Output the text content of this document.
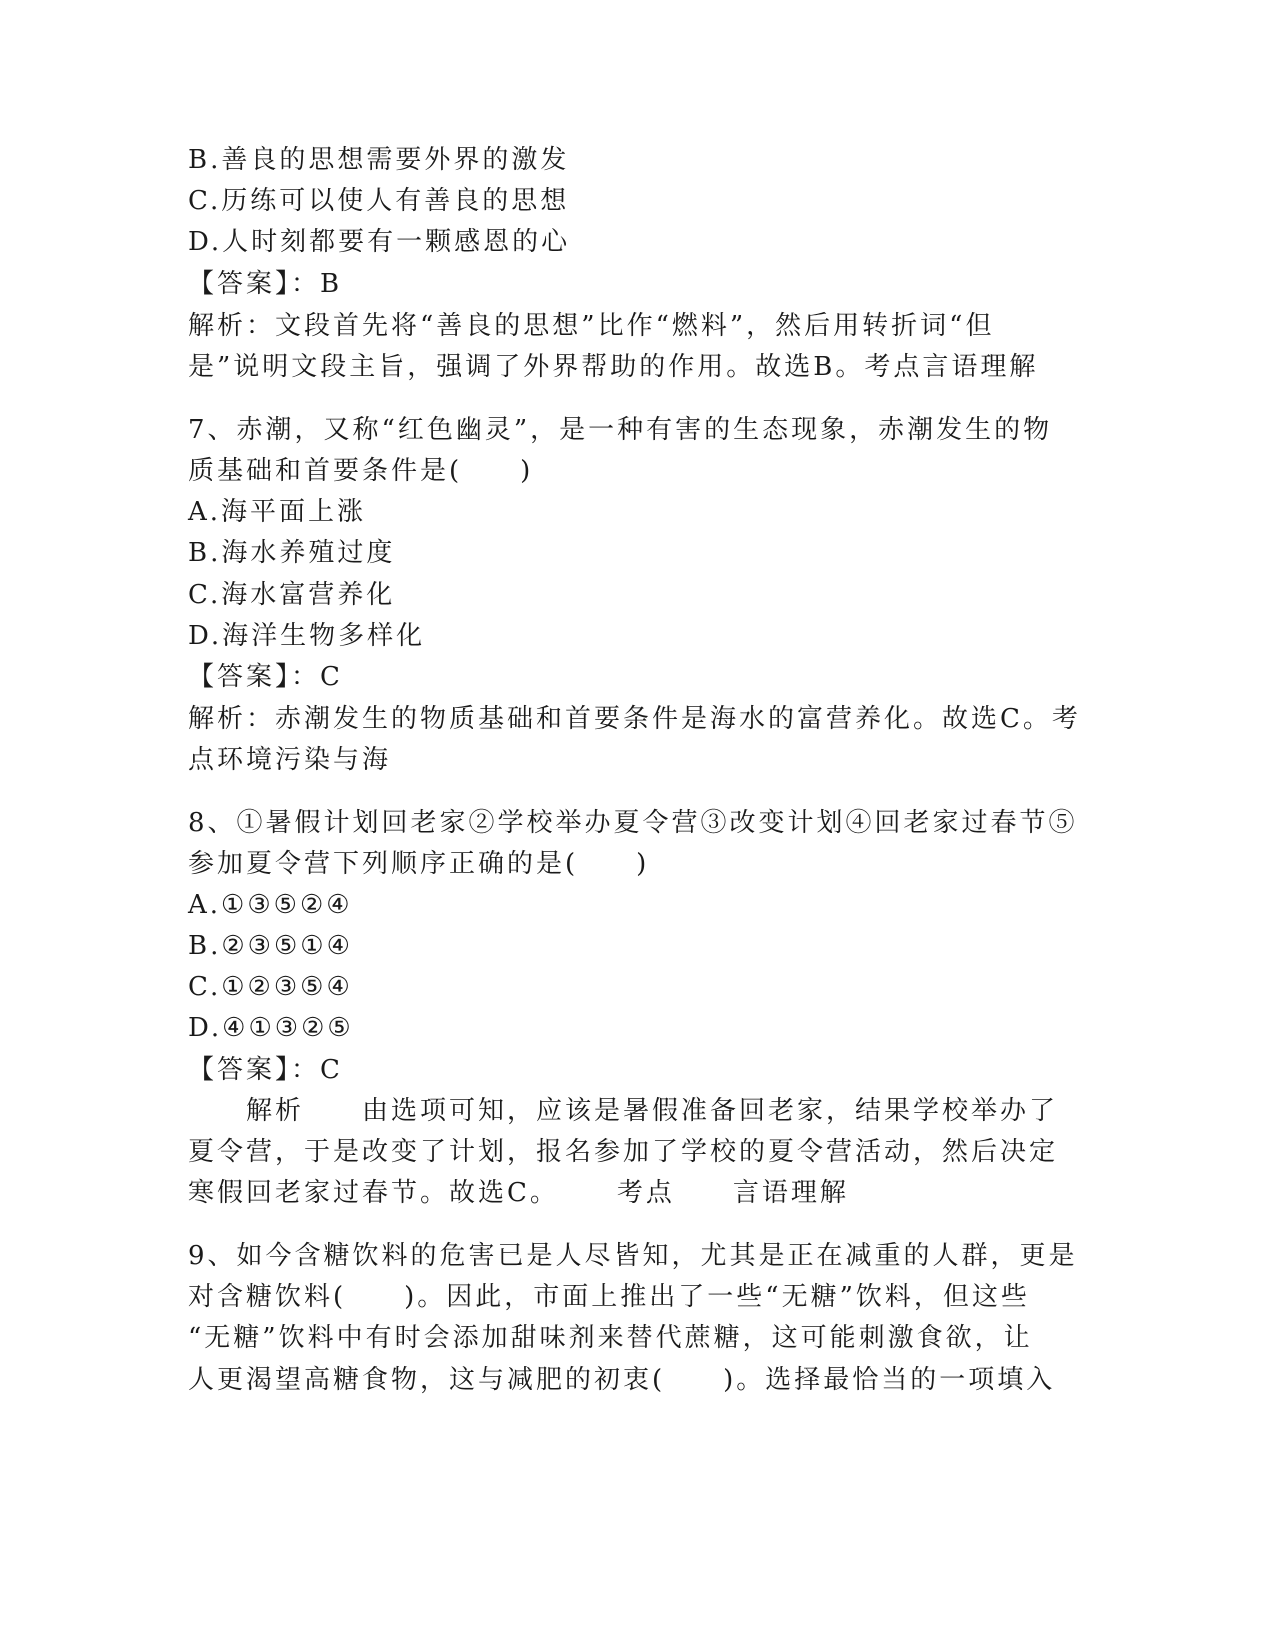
B.善良的思想需要外界的激发
C.历练可以使人有善良的思想
D.人时刻都要有一颗感恩的心
【答案】：B
解析：文段首先将“善良的思想”比作“燃料”，然后用转折词“但
是”说明文段主旨，强调了外界帮助的作用。故选B。考点言语理解
7、赤潮，又称“红色幽灵”，是一种有害的生态现象，赤潮发生的物
质基础和首要条件是(　　)
A.海平面上涨
B.海水养殖过度
C.海水富营养化
D.海洋生物多样化
【答案】：C
解析：赤潮发生的物质基础和首要条件是海水的富营养化。故选C。考
点环境污染与海
8、①暑假计划回老家②学校举办夏令营③改变计划④回老家过春节⑤
参加夏令营下列顺序正确的是(　　)
A.①③⑤②④
B.②③⑤①④
C.①②③⑤④
D.④①③②⑤
【答案】：C
解析 由选项可知，应该是暑假准备回老家，结果学校举办了
夏令营，于是改变了计划，报名参加了学校的夏令营活动，然后决定
寒假回老家过春节。故选C。 考点 言语理解
9、如今含糖饮料的危害已是人尽皆知，尤其是正在减重的人群，更是
对含糖饮料(　　)。因此，市面上推出了一些“无糖”饮料，但这些
“无糖”饮料中有时会添加甜味剂来替代蔗糖，这可能刺激食欲，让
人更渴望高糖食物，这与减肥的初衷(　　)。选择最恰当的一项填入
